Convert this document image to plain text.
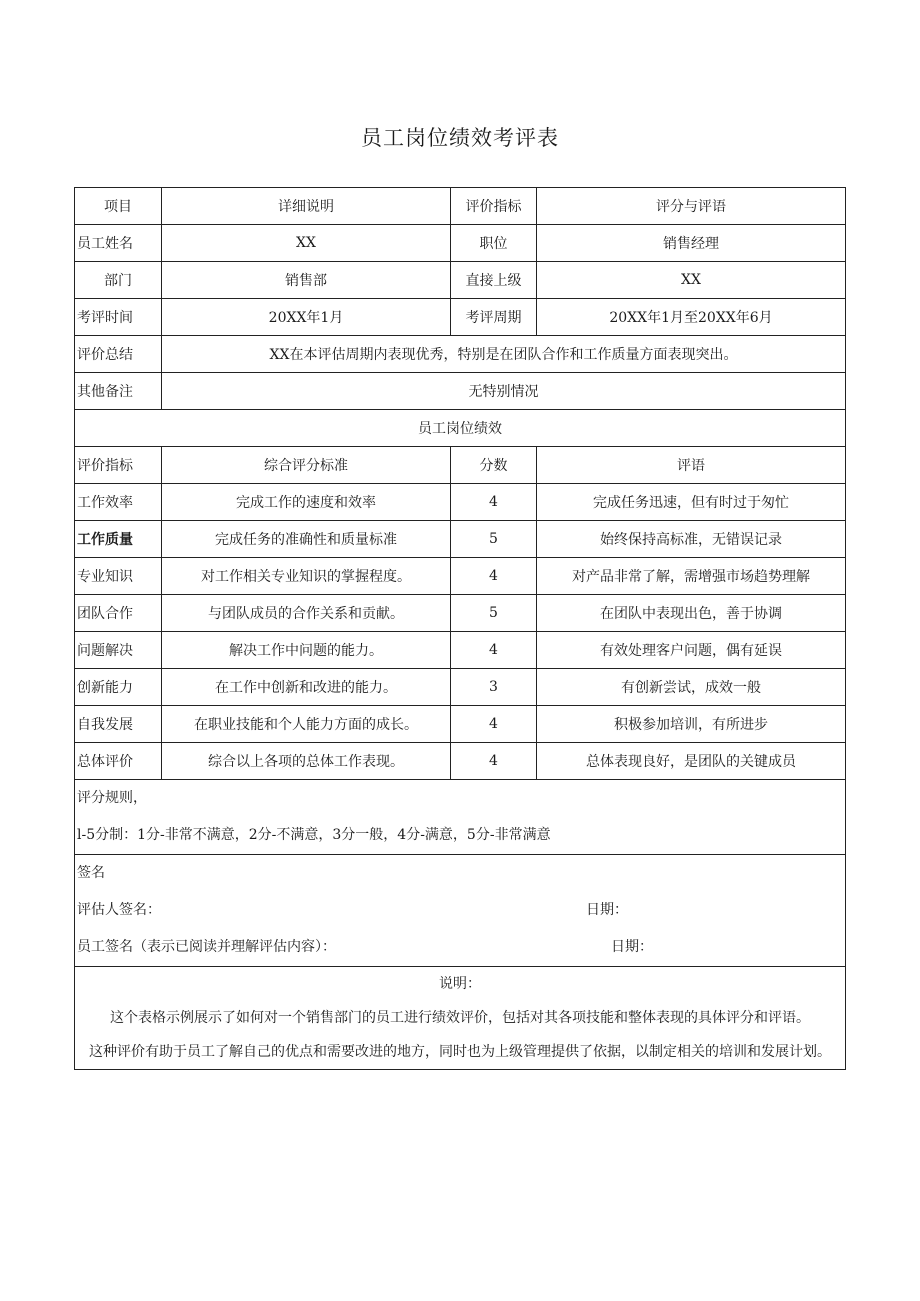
员工岗位绩效考评表
项目	详细说明	评价指标	评分与评语
员工姓名	XX	职位	销售经理
部门	销售部	直接上级	XX
考评时间	20XX年1月	考评周期	20XX年1月至20XX年6月
评价总结	XX在本评估周期内表现优秀，特别是在团队合作和工作质量方面表现突出。		
其他备注	无特别情况		
员工岗位绩效			
评价指标	综合评分标准	分数	评语
工作效率	完成工作的速度和效率	4	完成任务迅速，但有时过于匆忙
工作质量	完成任务的准确性和质量标准	5	始终保持高标准，无错误记录
专业知识	对工作相关专业知识的掌握程度。	4	对产品非常了解，需增强市场趋势理解
团队合作	与团队成员的合作关系和贡献。	5	在团队中表现出色，善于协调
问题解决	解决工作中问题的能力。	4	有效处理客户问题，偶有延误
创新能力	在工作中创新和改进的能力。	3	有创新尝试，成效一般
自我发展	在职业技能和个人能力方面的成长。	4	积极参加培训，有所进步
总体评价	综合以上各项的总体工作表现。	4	总体表现良好，是团队的关键成员

评分规则，
l-5分制：1分-非常不满意，2分-不满意，3分一般，4分-满意，5分-非常满意			

签名
评估人签名： 日期：
员工签名（表示已阅读并理解评估内容）： 日期：			

说明：
这个表格示例展示了如何对一个销售部门的员工进行绩效评价，包括对其各项技能和整体表现的具体评分和评语。
这种评价有助于员工了解自己的优点和需要改进的地方，同时也为上级管理提供了依据，以制定相关的培训和发展计划。			
